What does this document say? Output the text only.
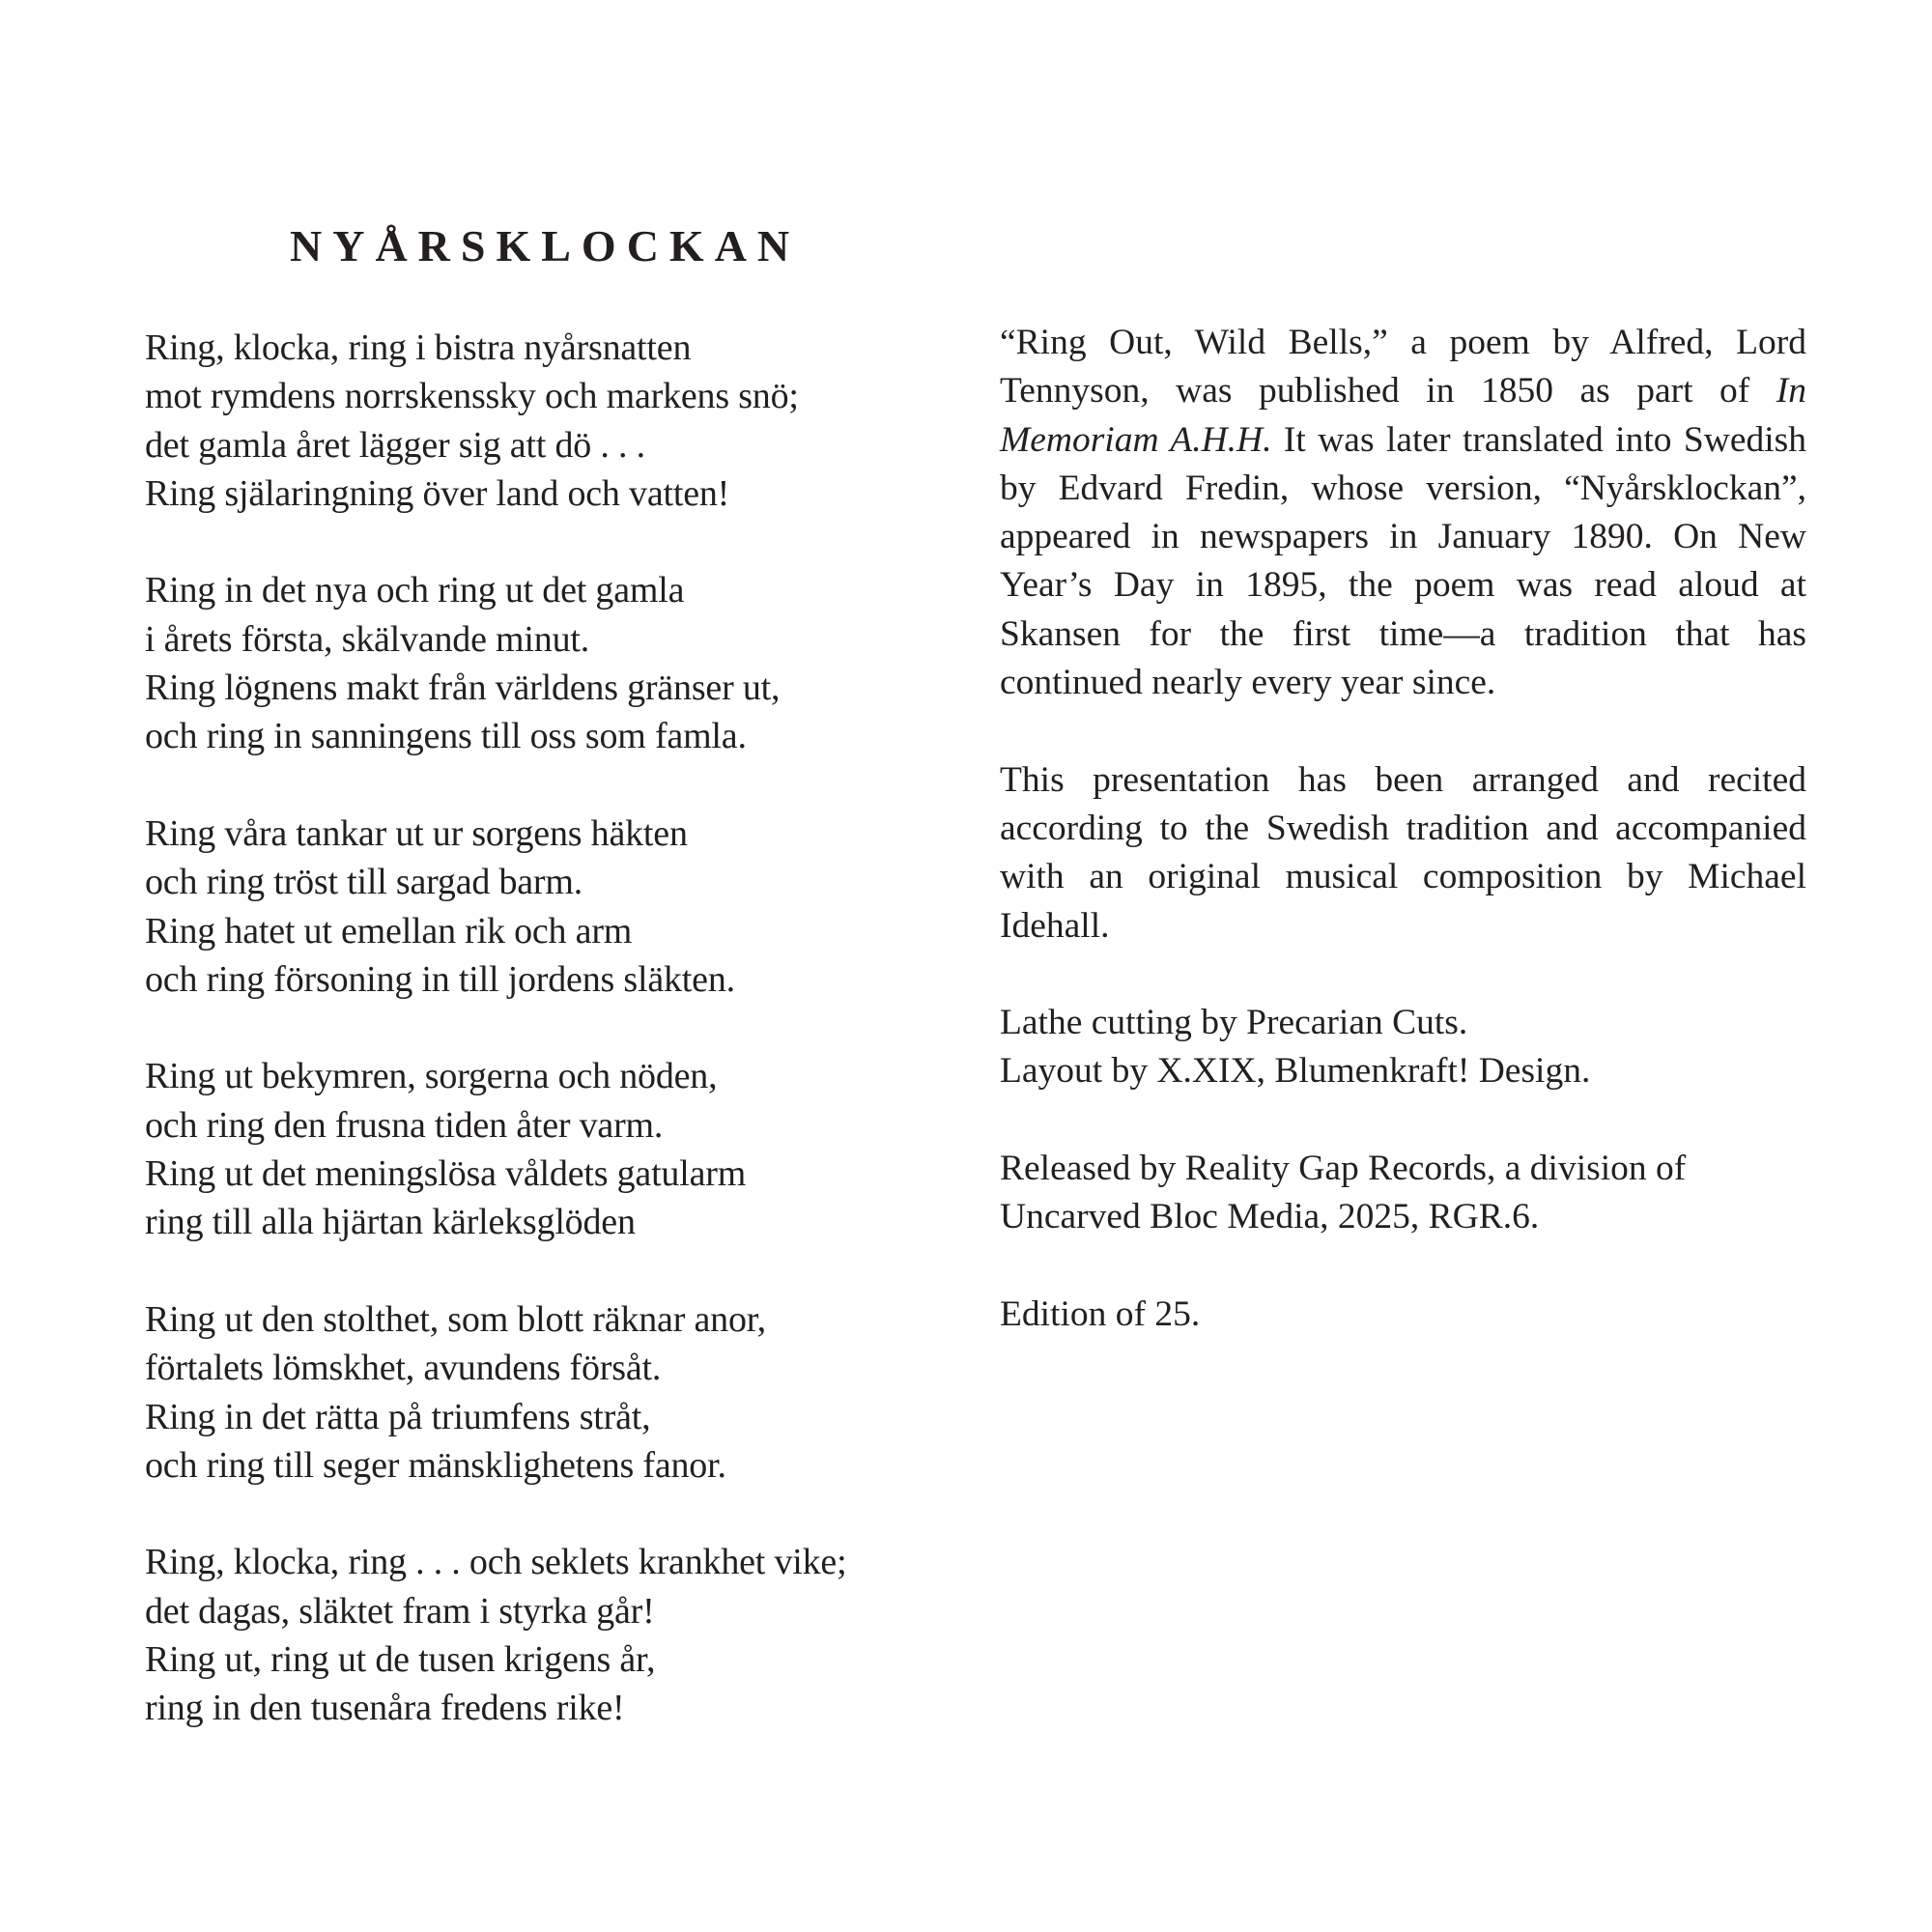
NYÅRSKLOCKAN

Ring, klocka, ring i bistra nyårsnatten
mot rymdens norrskenssky och markens snö;
det gamla året lägger sig att dö . . .
Ring själaringning över land och vatten!

Ring in det nya och ring ut det gamla
i årets första, skälvande minut.
Ring lögnens makt från världens gränser ut,
och ring in sanningens till oss som famla.

Ring våra tankar ut ur sorgens häkten
och ring tröst till sargad barm.
Ring hatet ut emellan rik och arm
och ring försoning in till jordens släkten.

Ring ut bekymren, sorgerna och nöden,
och ring den frusna tiden åter varm.
Ring ut det meningslösa våldets gatularm
ring till alla hjärtan kärleksglöden

Ring ut den stolthet, som blott räknar anor,
förtalets lömskhet, avundens försåt.
Ring in det rätta på triumfens stråt,
och ring till seger mänsklighetens fanor.

Ring, klocka, ring . . . och seklets krankhet vike;
det dagas, släktet fram i styrka går!
Ring ut, ring ut de tusen krigens år,
ring in den tusenåra fredens rike!

“Ring Out, Wild Bells,” a poem by Alfred, Lord Tennyson, was published in 1850 as part of In Memoriam A.H.H. It was later translated into Swedish by Edvard Fredin, whose version, “Nyårsklockan”, appeared in newspapers in January 1890. On New Year’s Day in 1895, the poem was read aloud at Skansen for the first time—a tradition that has continued nearly every year since.

This presentation has been arranged and recited according to the Swedish tradition and accompanied with an original musical composition by Michael Idehall.

Lathe cutting by Precarian Cuts.
Layout by X.XIX, Blumenkraft! Design.

Released by Reality Gap Records, a division of
Uncarved Bloc Media, 2025, RGR.6.

Edition of 25.
